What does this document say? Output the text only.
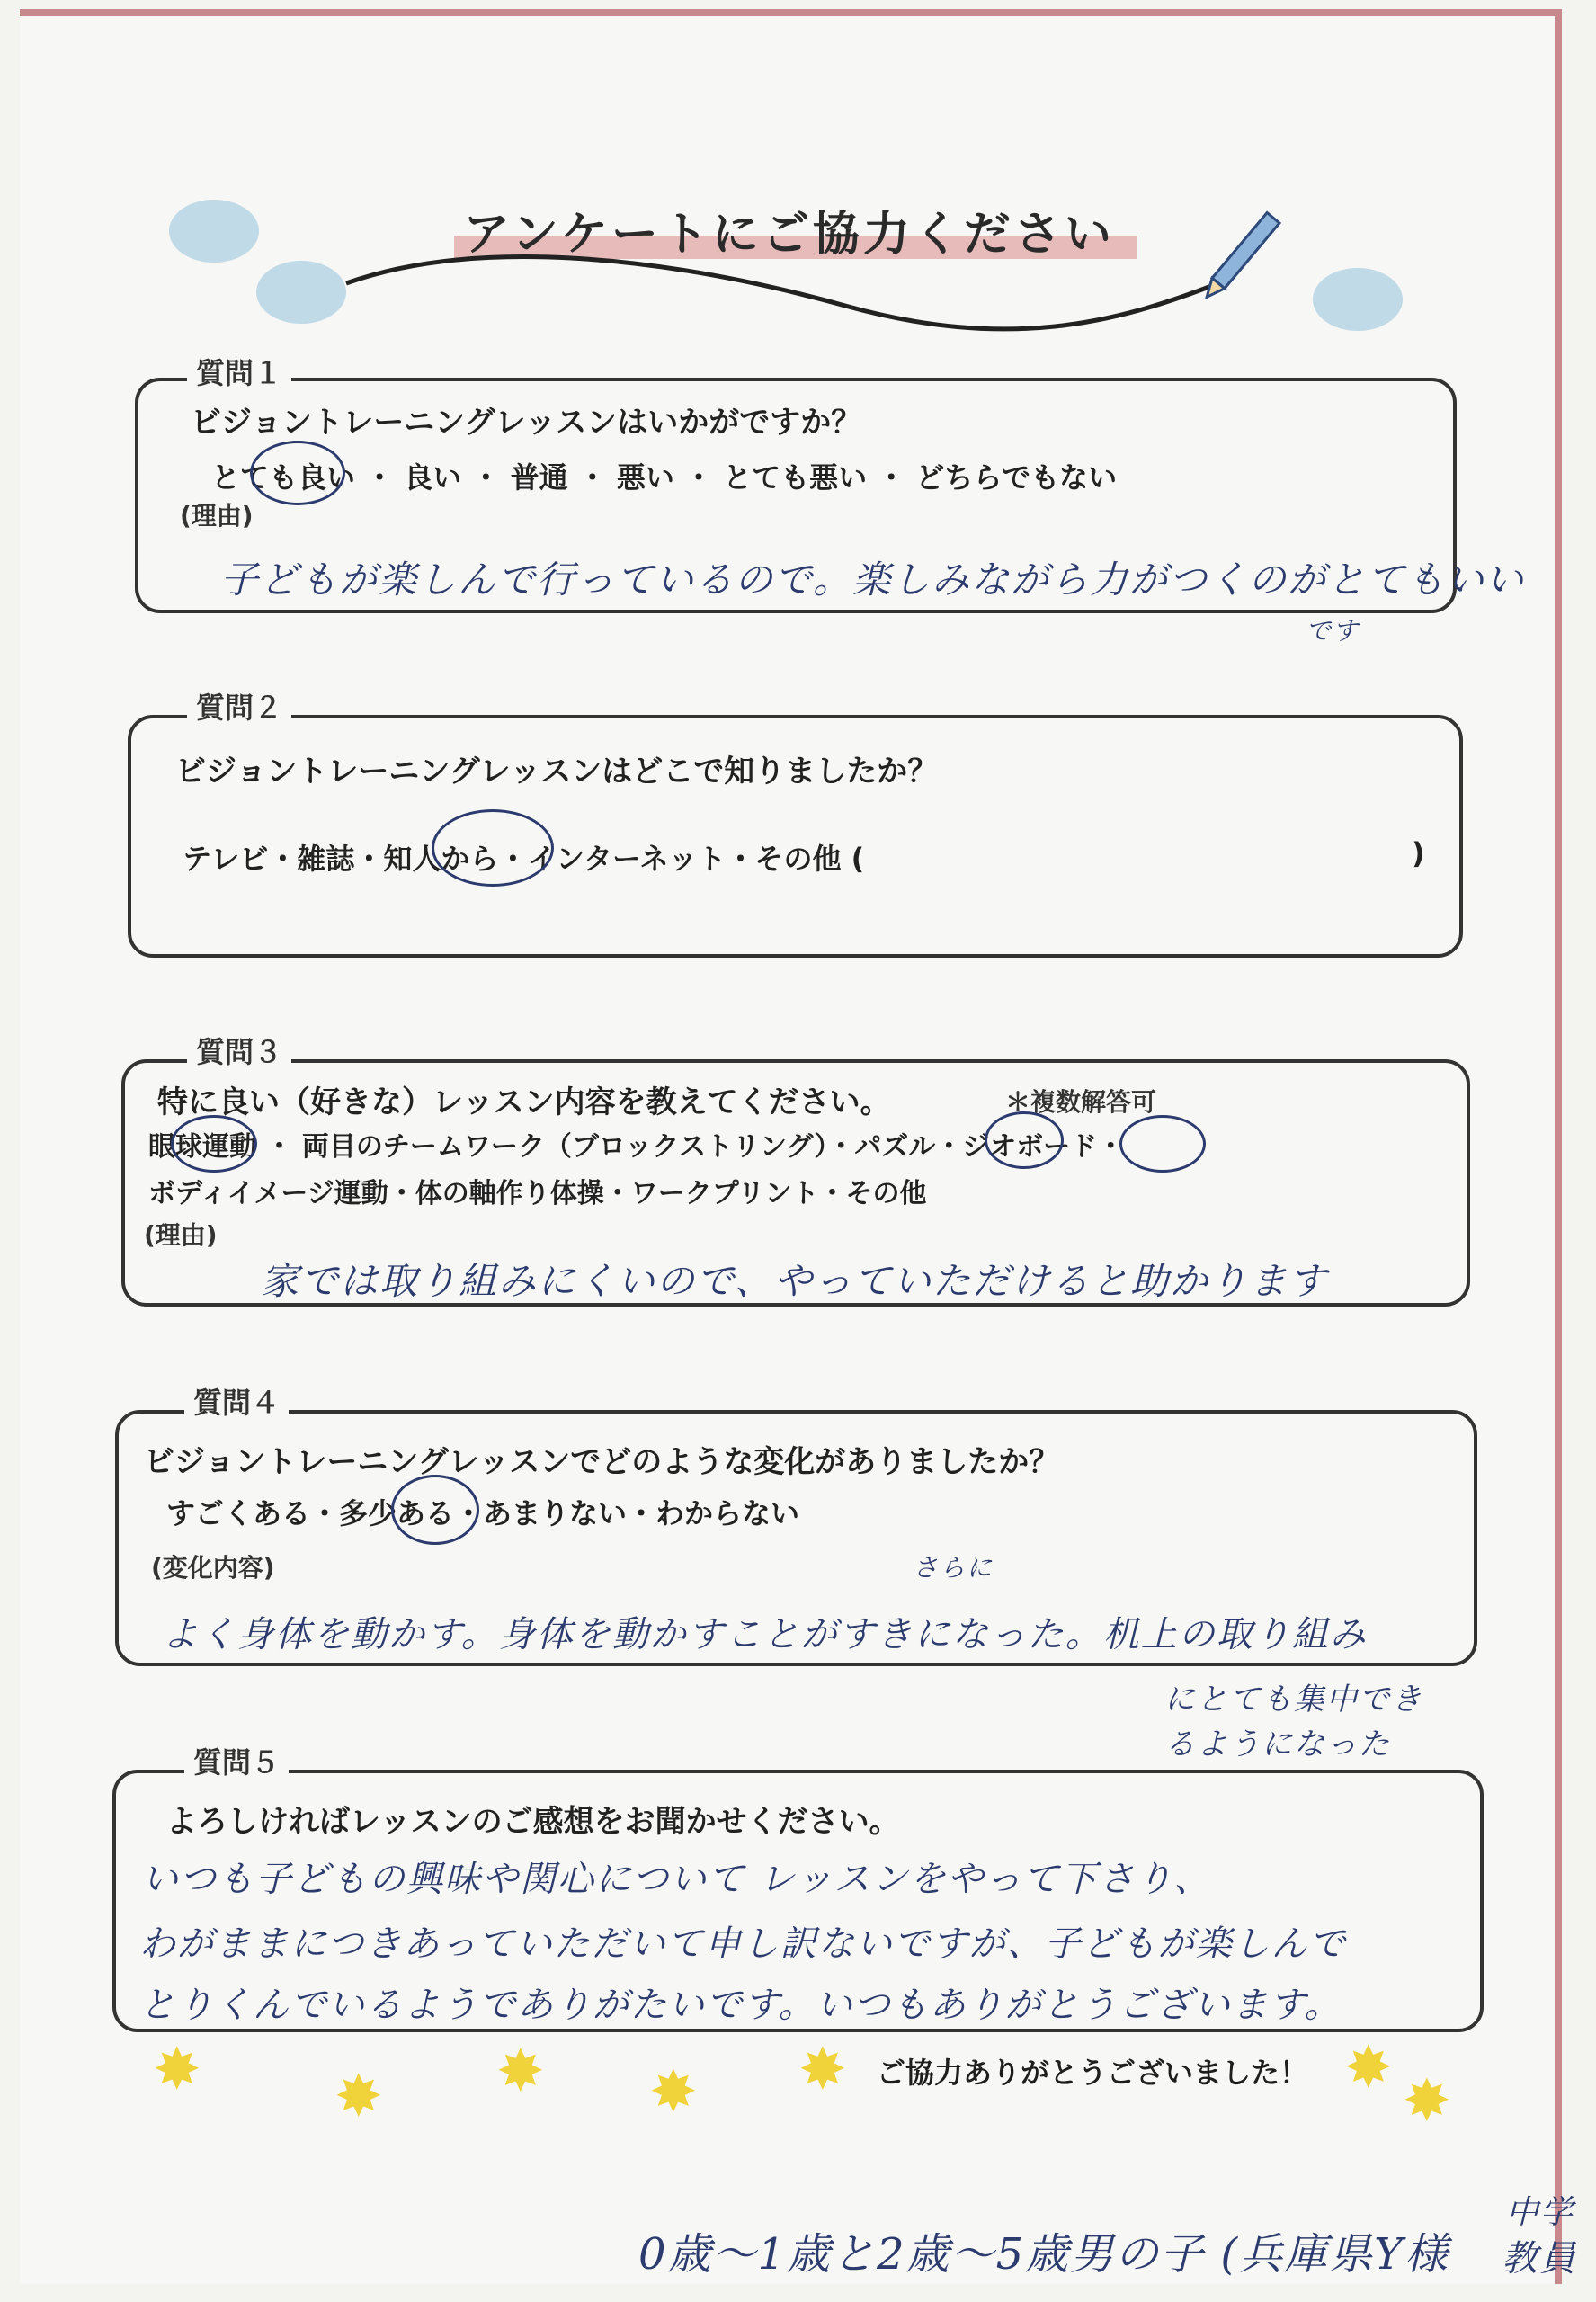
アンケートにご協力ください
質問１
ビジョントレーニングレッスンはいかがですか？
とても良い ・ 良い ・ 普通 ・ 悪い ・ とても悪い ・ どちらでもない
(理由)
子どもが楽しんで行っているので。楽しみながら力がつくのがとてもいい
です
質問２
ビジョントレーニングレッスンはどこで知りましたか？
テレビ・雑誌・知人から・インターネット・その他 (	)
質問３
特に良い（好きな）レッスン内容を教えてください。	＊複数解答可
眼球運動 ・ 両目のチームワーク（ブロックストリング）・パズル・ジオボード・
ボディイメージ運動・体の軸作り体操・ワークプリント・その他
(理由)
家では取り組みにくいので、やっていただけると助かります
質問４
ビジョントレーニングレッスンでどのような変化がありましたか？
すごくある・多少ある・あまりない・わからない
(変化内容)	さらに
よく身体を動かす。身体を動かすことがすきになった。机上の取り組み
にとても集中でき
るようになった
質問５
よろしければレッスンのご感想をお聞かせください。
いつも子どもの興味や関心について レッスンをやって下さり、
わがままにつきあっていただいて申し訳ないですが、子どもが楽しんで
とりくんでいるようでありがたいです。いつもありがとうございます。
✸ ✸ ✸ ✸ ✸	✸ ✸
ご協力ありがとうございました！
0歳〜1歳と2歳〜5歳男の子 (兵庫県Y様
中学
教員
